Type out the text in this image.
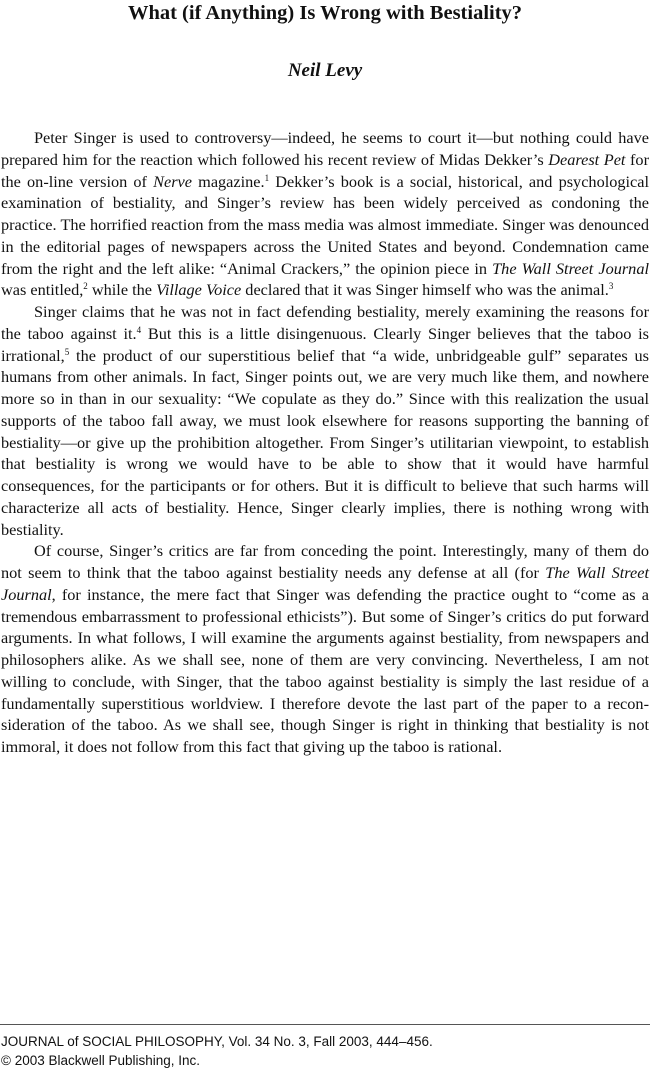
What (if Anything) Is Wrong with Bestiality?
Neil Levy

Peter Singer is used to controversy—indeed, he seems to court it—but nothing could have prepared him for the reaction which followed his recent review of Midas Dekker’s Dearest Pet for the on-line version of Nerve magazine.$^1$ Dekker’s book is a social, historical, and psychological examination of bestiality, and Singer’s review has been widely perceived as condoning the practice. The horrified reaction from the mass media was almost immediate. Singer was denounced in the editorial pages of newspapers across the United States and beyond. Condemnation came from the right and the left alike: “Animal Crackers,” the opinion piece in The Wall Street Journal was entitled,$^2$ while the Village Voice declared that it was Singer himself who was the animal.$^3$

Singer claims that he was not in fact defending bestiality, merely examining the reasons for the taboo against it.$^4$ But this is a little disingenuous. Clearly Singer believes that the taboo is irrational,$^5$ the product of our superstitious belief that “a wide, unbridgeable gulf” separates us humans from other animals. In fact, Singer points out, we are very much like them, and nowhere more so in than in our sexuality: “We copulate as they do.” Since with this realization the usual supports of the taboo fall away, we must look elsewhere for reasons supporting the banning of bestiality—or give up the prohibition altogether. From Singer’s utilitarian viewpoint, to establish that bestiality is wrong we would have to be able to show that it would have harmful consequences, for the participants or for others. But it is difficult to believe that such harms will characterize all acts of bestiality. Hence, Singer clearly implies, there is nothing wrong with bestiality.

Of course, Singer’s critics are far from conceding the point. Interestingly, many of them do not seem to think that the taboo against bestiality needs any defense at all (for The Wall Street Journal, for instance, the mere fact that Singer was defending the practice ought to “come as a tremendous embarrassment to professional ethicists”). But some of Singer’s critics do put forward arguments. In what follows, I will examine the arguments against bestiality, from newspapers and philosophers alike. As we shall see, none of them are very convincing. Nevertheless, I am not willing to conclude, with Singer, that the taboo against bestiality is simply the last residue of a fundamentally superstitious worldview. I therefore devote the last part of the paper to a reconsideration of the taboo. As we shall see, though Singer is right in thinking that bestiality is not immoral, it does not follow from this fact that giving up the taboo is rational.

JOURNAL of SOCIAL PHILOSOPHY, Vol. 34 No. 3, Fall 2003, 444–456.
© 2003 Blackwell Publishing, Inc.
